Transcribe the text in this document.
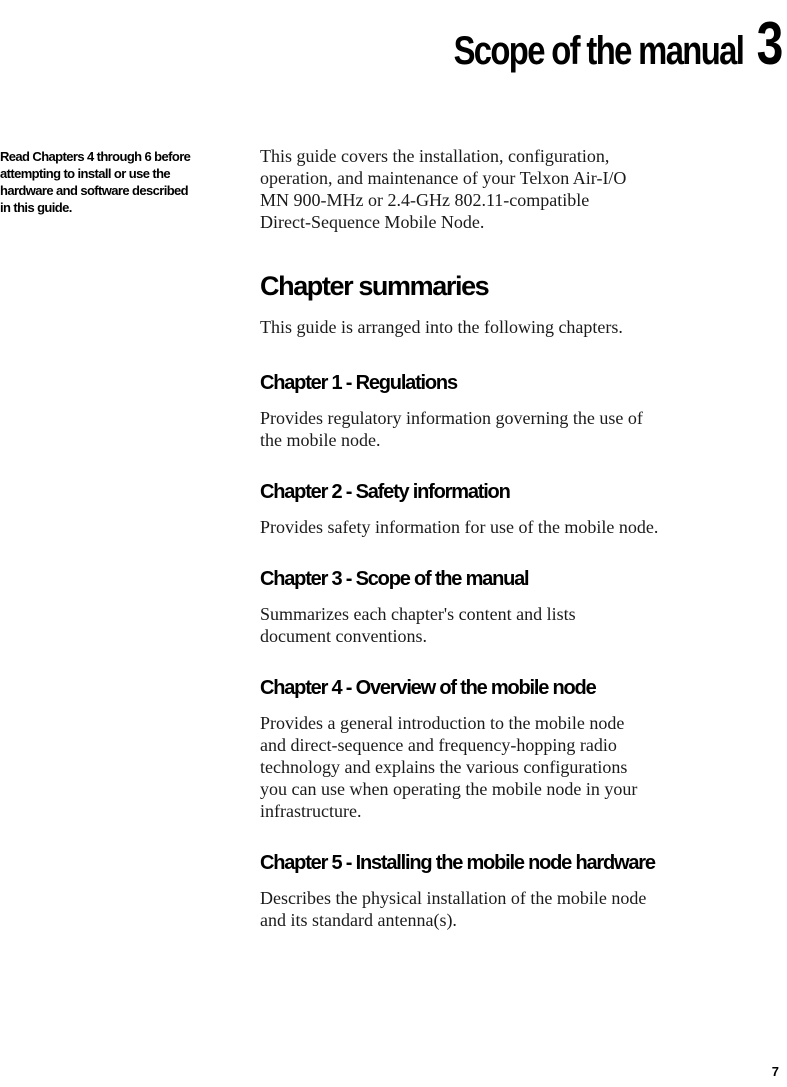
Scope of the manual 3
Read Chapters 4 through 6 before
attempting to install or use the
hardware and software described
in this guide.
This guide covers the installation, configuration,
operation, and maintenance of your Telxon Air-I/O
MN 900-MHz or 2.4-GHz 802.11-compatible
Direct-Sequence Mobile Node.
Chapter summaries

This guide is arranged into the following chapters.

Chapter 1 - Regulations
Provides regulatory information governing the use of
the mobile node.
Chapter 2 - Safety information
Provides safety information for use of the mobile node.
Chapter 3 - Scope of the manual
Summarizes each chapter's content and lists
document conventions.
Chapter 4 - Overview of the mobile node
Provides a general introduction to the mobile node
and direct-sequence and frequency-hopping radio
technology and explains the various configurations
you can use when operating the mobile node in your
infrastructure.
Chapter 5 - Installing the mobile node hardware
Describes the physical installation of the mobile node
and its standard antenna(s).
7
